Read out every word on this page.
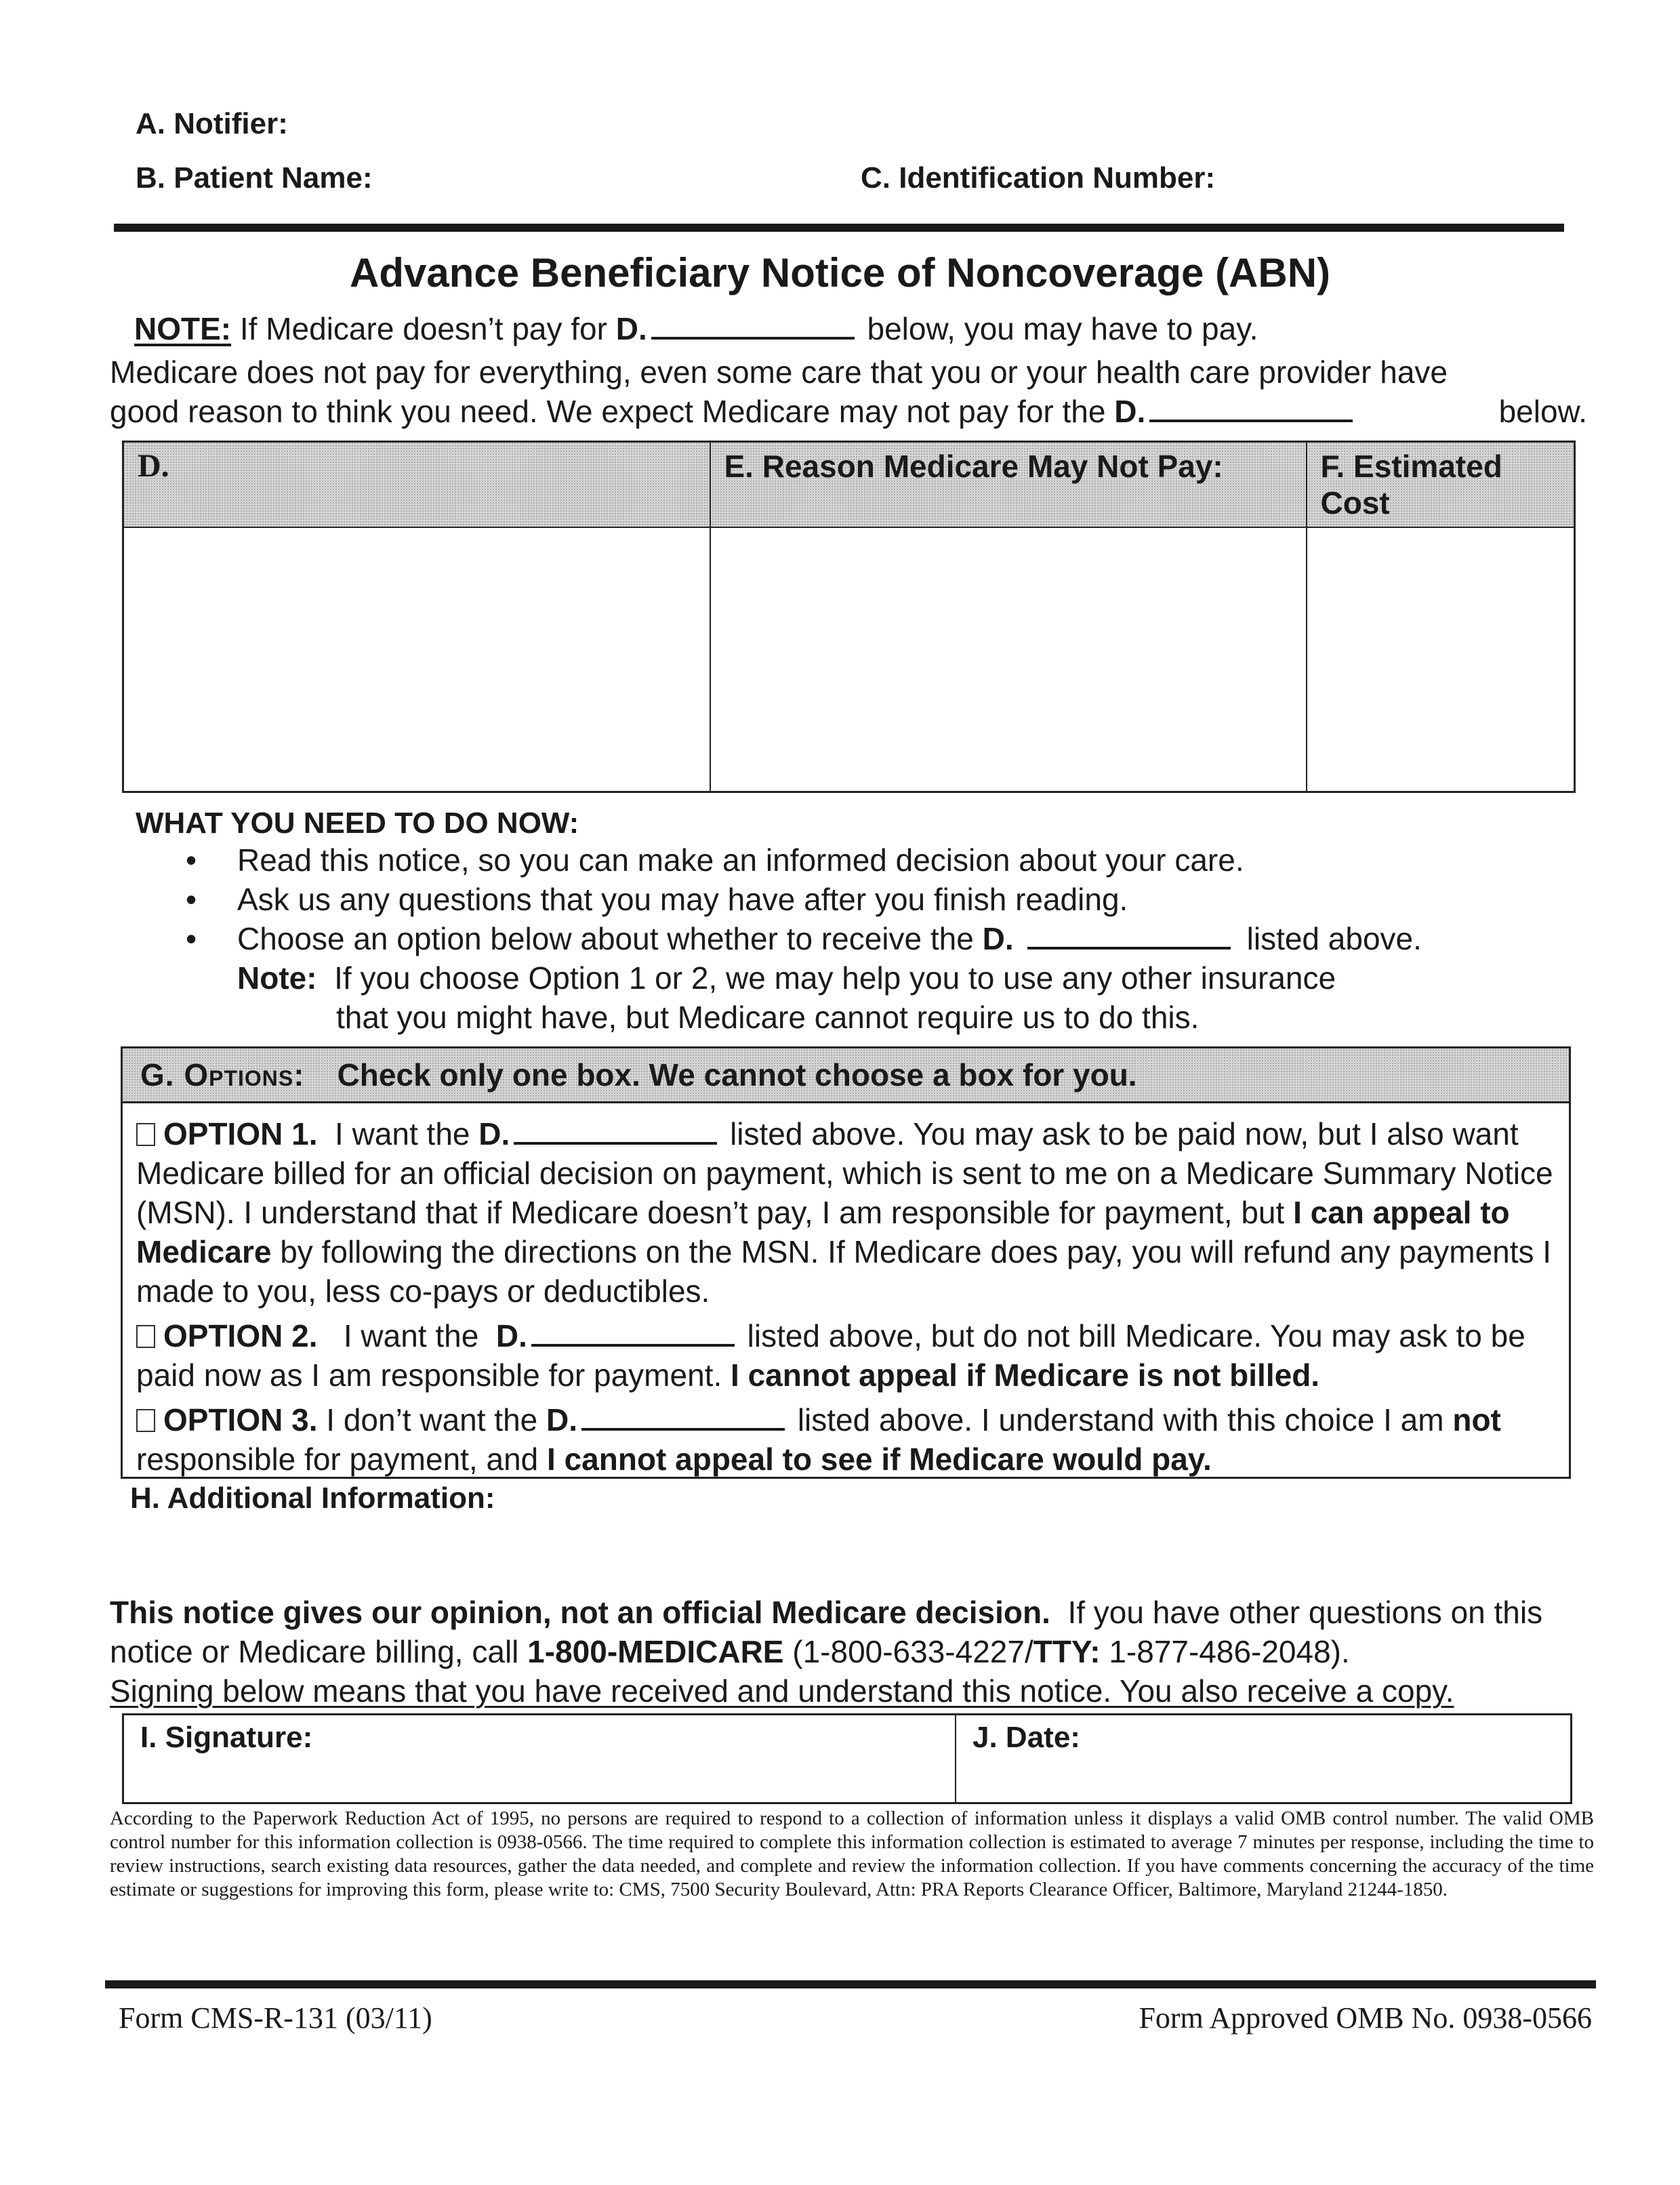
A. Notifier:
B. Patient Name:	C. Identification Number:
Advance Beneficiary Notice of Noncoverage (ABN)
NOTE: If Medicare doesn’t pay for D.	below, you may have to pay.
Medicare does not pay for everything, even some care that you or your health care provider have
good reason to think you need. We expect Medicare may not pay for the D.	below.
D.	E. Reason Medicare May Not Pay:	F. Estimated
Cost

WHAT YOU NEED TO DO NOW:
• Read this notice, so you can make an informed decision about your care.
• Ask us any questions that you may have after you finish reading.
• Choose an option below about whether to receive the D.	listed above.
Note: If you choose Option 1 or 2, we may help you to use any other insurance
that you might have, but Medicare cannot require us to do this.
G. Options: Check only one box. We cannot choose a box for you.
OPTION 1. I want the D.	listed above. You may ask to be paid now, but I also want Medicare billed for an official decision on payment, which is sent to me on a Medicare Summary Notice (MSN). I understand that if Medicare doesn’t pay, I am responsible for payment, but I can appeal to Medicare by following the directions on the MSN. If Medicare does pay, you will refund any payments I made to you, less co-pays or deductibles.
OPTION 2. I want the D.	listed above, but do not bill Medicare. You may ask to be paid now as I am responsible for payment. I cannot appeal if Medicare is not billed.
OPTION 3. I don’t want the D.	listed above. I understand with this choice I am not responsible for payment, and I cannot appeal to see if Medicare would pay.
H. Additional Information:
This notice gives our opinion, not an official Medicare decision. If you have other questions on this notice or Medicare billing, call 1-800-MEDICARE (1-800-633-4227/TTY: 1-877-486-2048).
Signing below means that you have received and understand this notice. You also receive a copy.
I. Signature:	J. Date:
According to the Paperwork Reduction Act of 1995, no persons are required to respond to a collection of information unless it displays a valid OMB control number. The valid OMB control number for this information collection is 0938-0566. The time required to complete this information collection is estimated to average 7 minutes per response, including the time to review instructions, search existing data resources, gather the data needed, and complete and review the information collection. If you have comments concerning the accuracy of the time estimate or suggestions for improving this form, please write to: CMS, 7500 Security Boulevard, Attn: PRA Reports Clearance Officer, Baltimore, Maryland 21244-1850.
Form CMS-R-131 (03/11)	Form Approved OMB No. 0938-0566
